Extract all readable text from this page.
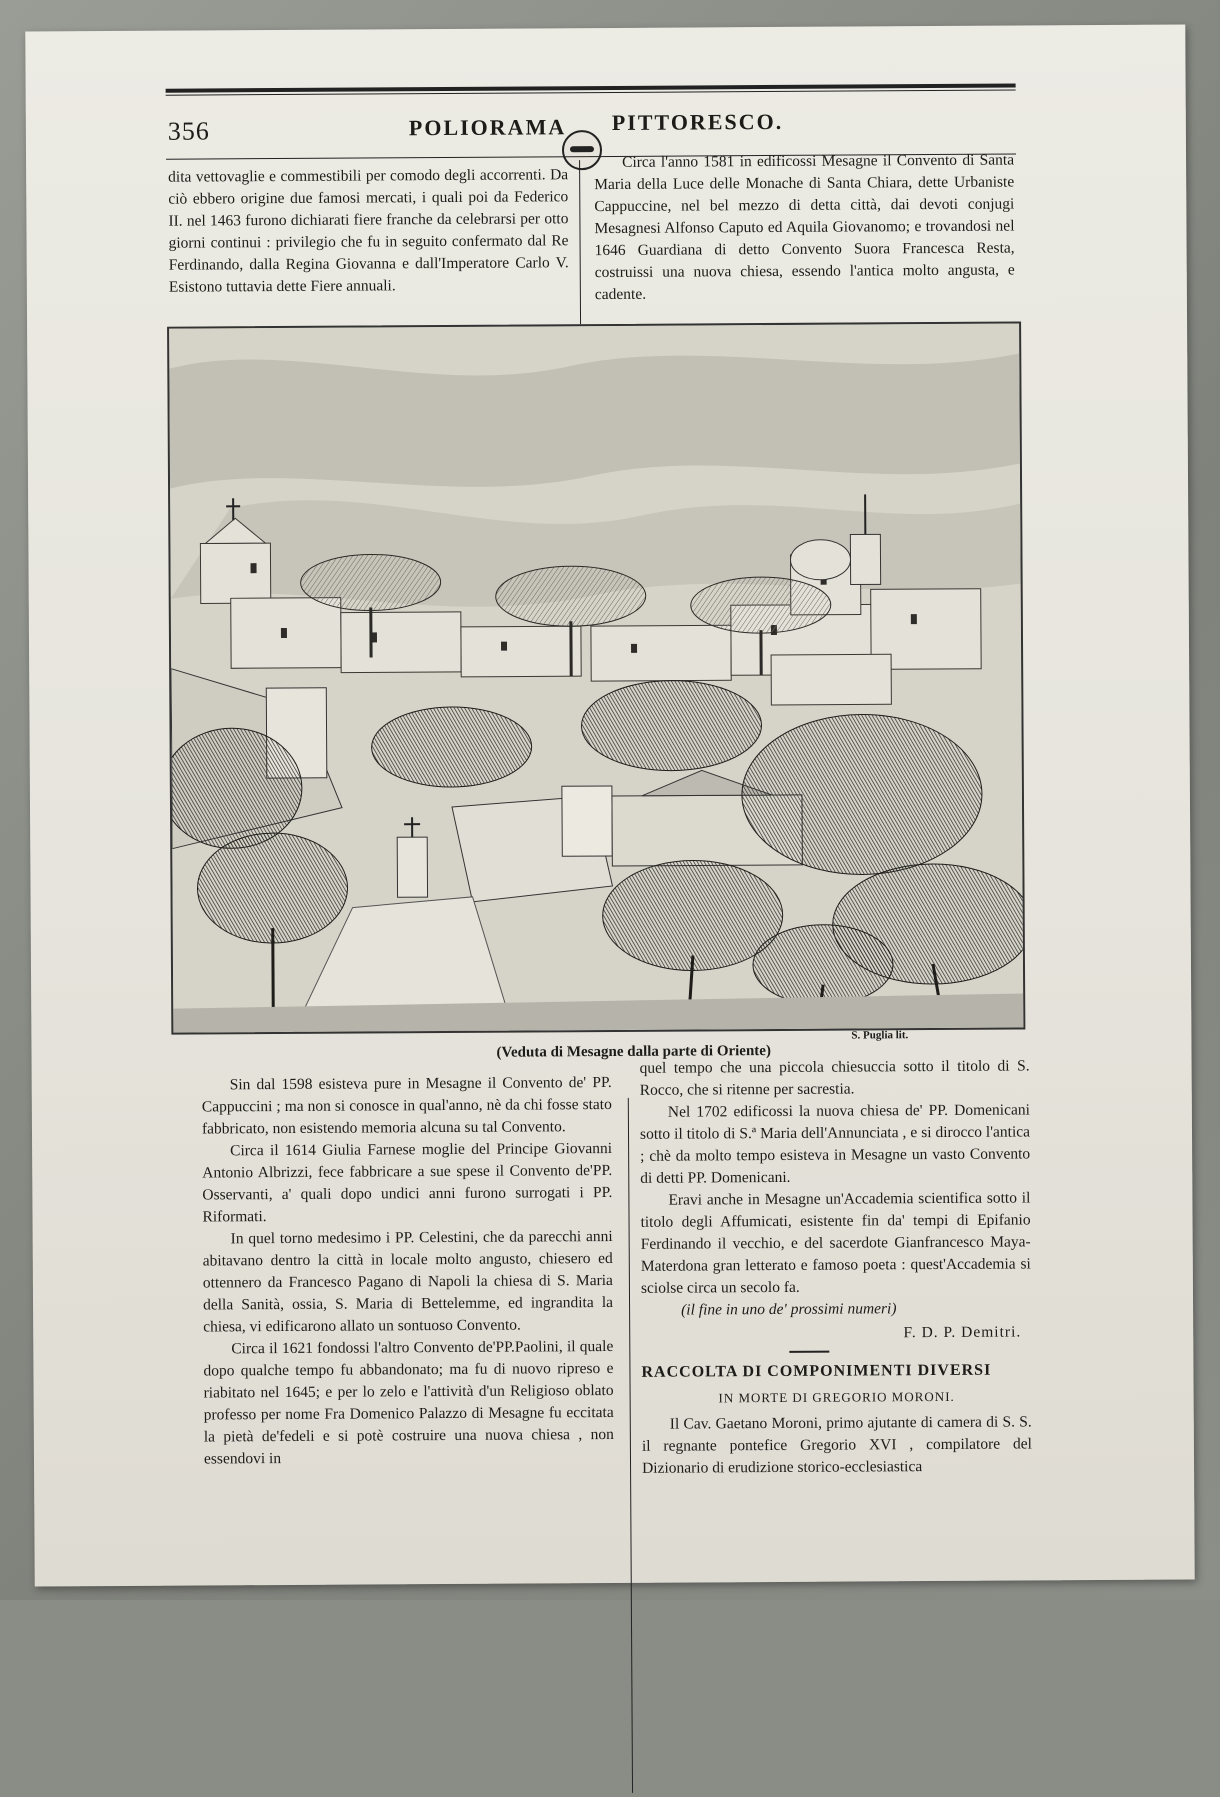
356	POLIORAMA PITTORESCO.

dita vettovaglie e commestibili per comodo degli accorrenti. Da ciò ebbero origine due famosi mercati, i quali poi da Federico II. nel 1463 furono dichiarati fiere franche da celebrarsi per otto giorni continui : privilegio che fu in seguito confermato dal Re Ferdinando, dalla Regina Giovanna e dall'Imperatore Carlo V. Esistono tuttavia dette Fiere annuali.

Circa l'anno 1581 in edificossi Mesagne il Convento di Santa Maria della Luce delle Monache di Santa Chiara, dette Urbaniste Cappuccine, nel bel mezzo di detta città, dai devoti conjugi Mesagnesi Alfonso Caputo ed Aquila Giovanomo; e trovandosi nel 1646 Guardiana di detto Convento Suora Francesca Resta, costruissi una nuova chiesa, essendo l'antica molto angusta, e cadente.

S. Puglia lit.
(Veduta di Mesagne dalla parte di Oriente)

Sin dal 1598 esisteva pure in Mesagne il Convento de' PP. Cappuccini ; ma non si conosce in qual'anno, nè da chi fosse stato fabbricato, non esistendo memoria alcuna su tal Convento.

Circa il 1614 Giulia Farnese moglie del Principe Giovanni Antonio Albrizzi, fece fabbricare a sue spese il Convento de'PP. Osservanti, a' quali dopo undici anni furono surrogati i PP. Riformati.

In quel torno medesimo i PP. Celestini, che da parecchi anni abitavano dentro la città in locale molto angusto, chiesero ed ottennero da Francesco Pagano di Napoli la chiesa di S. Maria della Sanità, ossia, S. Maria di Bettelemme, ed ingrandita la chiesa, vi edificarono allato un sontuoso Convento.

Circa il 1621 fondossi l'altro Convento de'PP.Paolini, il quale dopo qualche tempo fu abbandonato; ma fu di nuovo ripreso e riabitato nel 1645; e per lo zelo e l'attività d'un Religioso oblato professo per nome Fra Domenico Palazzo di Mesagne fu eccitata la pietà de'fedeli e si potè costruire una nuova chiesa , non essendovi in

quel tempo che una piccola chiesuccia sotto il titolo di S. Rocco, che si ritenne per sacrestia.

Nel 1702 edificossi la nuova chiesa de' PP. Domenicani sotto il titolo di S.ª Maria dell'Annunciata , e si dirocco l'antica ; chè da molto tempo esisteva in Mesagne un vasto Convento di detti PP. Domenicani.

Eravi anche in Mesagne un'Accademia scientifica sotto il titolo degli Affumicati, esistente fin da' tempi di Epifanio Ferdinando il vecchio, e del sacerdote Gianfrancesco Maya-Materdona gran letterato e famoso poeta : quest'Accademia si sciolse circa un secolo fa.

(il fine in uno de' prossimi numeri)
F. D. P. Demitri.
RACCOLTA DI COMPONIMENTI DIVERSI
IN MORTE DI GREGORIO MORONI.

Il Cav. Gaetano Moroni, primo ajutante di camera di S. S. il regnante pontefice Gregorio XVI , compilatore del Dizionario di erudizione storico-ecclesiastica
